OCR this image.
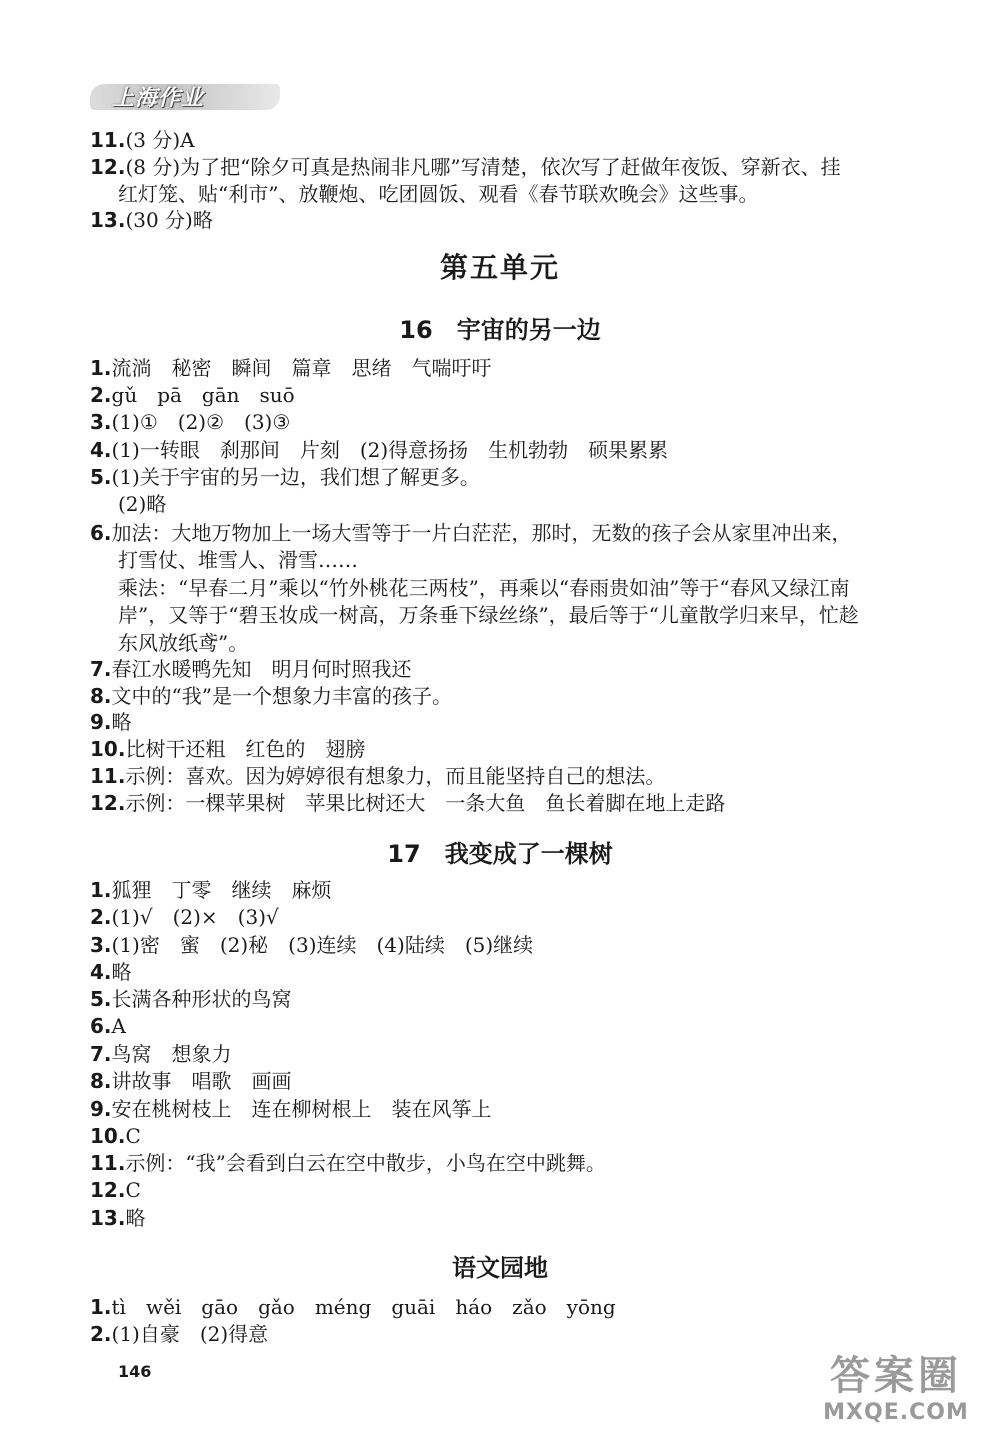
上海作业
11.(3 分)A
12.(8 分)为了把“除夕可真是热闹非凡哪”写清楚，依次写了赶做年夜饭、穿新衣、挂
红灯笼、贴“利市”、放鞭炮、吃团圆饭、观看《春节联欢晚会》这些事。
13.(30 分)略
第五单元
16 宇宙的另一边
1.流淌　秘密　瞬间　篇章　思绪　气喘吁吁
2.gǔ　pā　gān　suō
3.(1)①　(2)②　(3)③
4.(1)一转眼　刹那间　片刻　(2)得意扬扬　生机勃勃　硕果累累
5.(1)关于宇宙的另一边，我们想了解更多。
(2)略
6.加法：大地万物加上一场大雪等于一片白茫茫，那时，无数的孩子会从家里冲出来，
打雪仗、堆雪人、滑雪……
乘法：“早春二月”乘以“竹外桃花三两枝”，再乘以“春雨贵如油”等于“春风又绿江南
岸”，又等于“碧玉妆成一树高，万条垂下绿丝绦”，最后等于“儿童散学归来早，忙趁
东风放纸鸢”。
7.春江水暖鸭先知　明月何时照我还
8.文中的“我”是一个想象力丰富的孩子。
9.略
10.比树干还粗　红色的　翅膀
11.示例：喜欢。因为婷婷很有想象力，而且能坚持自己的想法。
12.示例：一棵苹果树　苹果比树还大　一条大鱼　鱼长着脚在地上走路
17 我变成了一棵树
1.狐狸　丁零　继续　麻烦
2.(1)√　(2)×　(3)√
3.(1)密　蜜　(2)秘　(3)连续　(4)陆续　(5)继续
4.略
5.长满各种形状的鸟窝
6.A
7.鸟窝　想象力
8.讲故事　唱歌　画画
9.安在桃树枝上　连在柳树根上　装在风筝上
10.C
11.示例：“我”会看到白云在空中散步，小鸟在空中跳舞。
12.C
13.略
语文园地
1.tì　wěi　gāo　gǎo　méng　guāi　háo　zǎo　yōng
2.(1)自豪　(2)得意
146	答案圈
MXQE.COM
